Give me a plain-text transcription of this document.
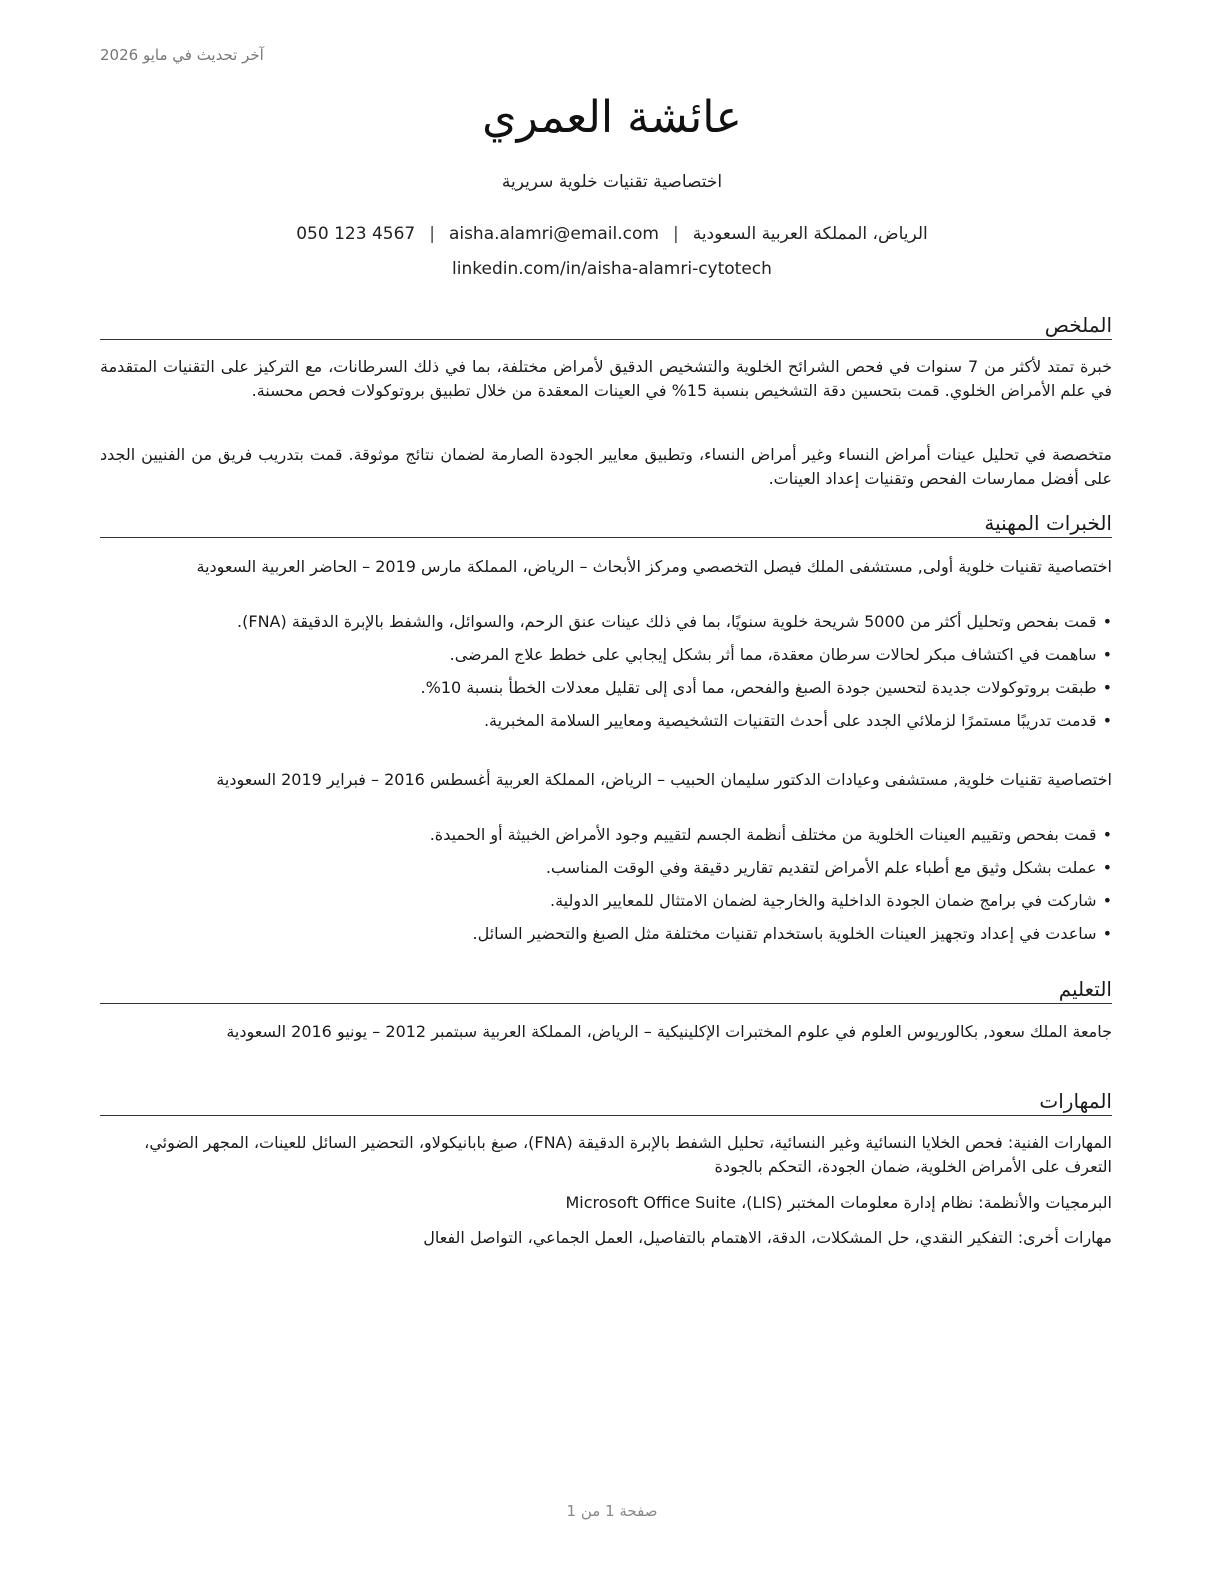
آخر تحديث في مايو 2026
عائشة العمري
اختصاصية تقنيات خلوية سريرية
الرياض، المملكة العربية السعودية|aisha.alamri@email.com|050 123 4567
linkedin.com/in/aisha-alamri-cytotech
الملخص
خبرة تمتد لأكثر من 7 سنوات في فحص الشرائح الخلوية والتشخيص الدقيق لأمراض مختلفة، بما في ذلك السرطانات، مع التركيز على التقنيات المتقدمة في علم الأمراض الخلوي. قمت بتحسين دقة التشخيص بنسبة 15% في العينات المعقدة من خلال تطبيق بروتوكولات فحص محسنة.
متخصصة في تحليل عينات أمراض النساء وغير أمراض النساء، وتطبيق معايير الجودة الصارمة لضمان نتائج موثوقة. قمت بتدريب فريق من الفنيين الجدد على أفضل ممارسات الفحص وتقنيات إعداد العينات.
الخبرات المهنية
اختصاصية تقنيات خلوية أولى, مستشفى الملك فيصل التخصصي ومركز الأبحاث – الرياض، المملكة مارس 2019 – الحاضر العربية السعودية
•قمت بفحص وتحليل أكثر من 5000 شريحة خلوية سنويًا، بما في ذلك عينات عنق الرحم، والسوائل، والشفط بالإبرة الدقيقة (FNA).
•ساهمت في اكتشاف مبكر لحالات سرطان معقدة، مما أثر بشكل إيجابي على خطط علاج المرضى.
•طبقت بروتوكولات جديدة لتحسين جودة الصبغ والفحص، مما أدى إلى تقليل معدلات الخطأ بنسبة 10%.
•قدمت تدريبًا مستمرًا لزملائي الجدد على أحدث التقنيات التشخيصية ومعايير السلامة المخبرية.
اختصاصية تقنيات خلوية, مستشفى وعيادات الدكتور سليمان الحبيب – الرياض، المملكة العربية أغسطس 2016 – فبراير 2019 السعودية
•قمت بفحص وتقييم العينات الخلوية من مختلف أنظمة الجسم لتقييم وجود الأمراض الخبيثة أو الحميدة.
•عملت بشكل وثيق مع أطباء علم الأمراض لتقديم تقارير دقيقة وفي الوقت المناسب.
•شاركت في برامج ضمان الجودة الداخلية والخارجية لضمان الامتثال للمعايير الدولية.
•ساعدت في إعداد وتجهيز العينات الخلوية باستخدام تقنيات مختلفة مثل الصبغ والتحضير السائل.
التعليم
جامعة الملك سعود, بكالوريوس العلوم في علوم المختبرات الإكلينيكية – الرياض، المملكة العربية سبتمبر 2012 – يونيو 2016 السعودية
المهارات
المهارات الفنية: فحص الخلايا النسائية وغير النسائية، تحليل الشفط بالإبرة الدقيقة (FNA)، صبغ بابانيكولاو، التحضير السائل للعينات، المجهر الضوئي، التعرف على الأمراض الخلوية، ضمان الجودة، التحكم بالجودة
البرمجيات والأنظمة: نظام إدارة معلومات المختبر (LIS)، Microsoft Office Suite
مهارات أخرى: التفكير النقدي، حل المشكلات، الدقة، الاهتمام بالتفاصيل، العمل الجماعي، التواصل الفعال
صفحة 1 من 1
